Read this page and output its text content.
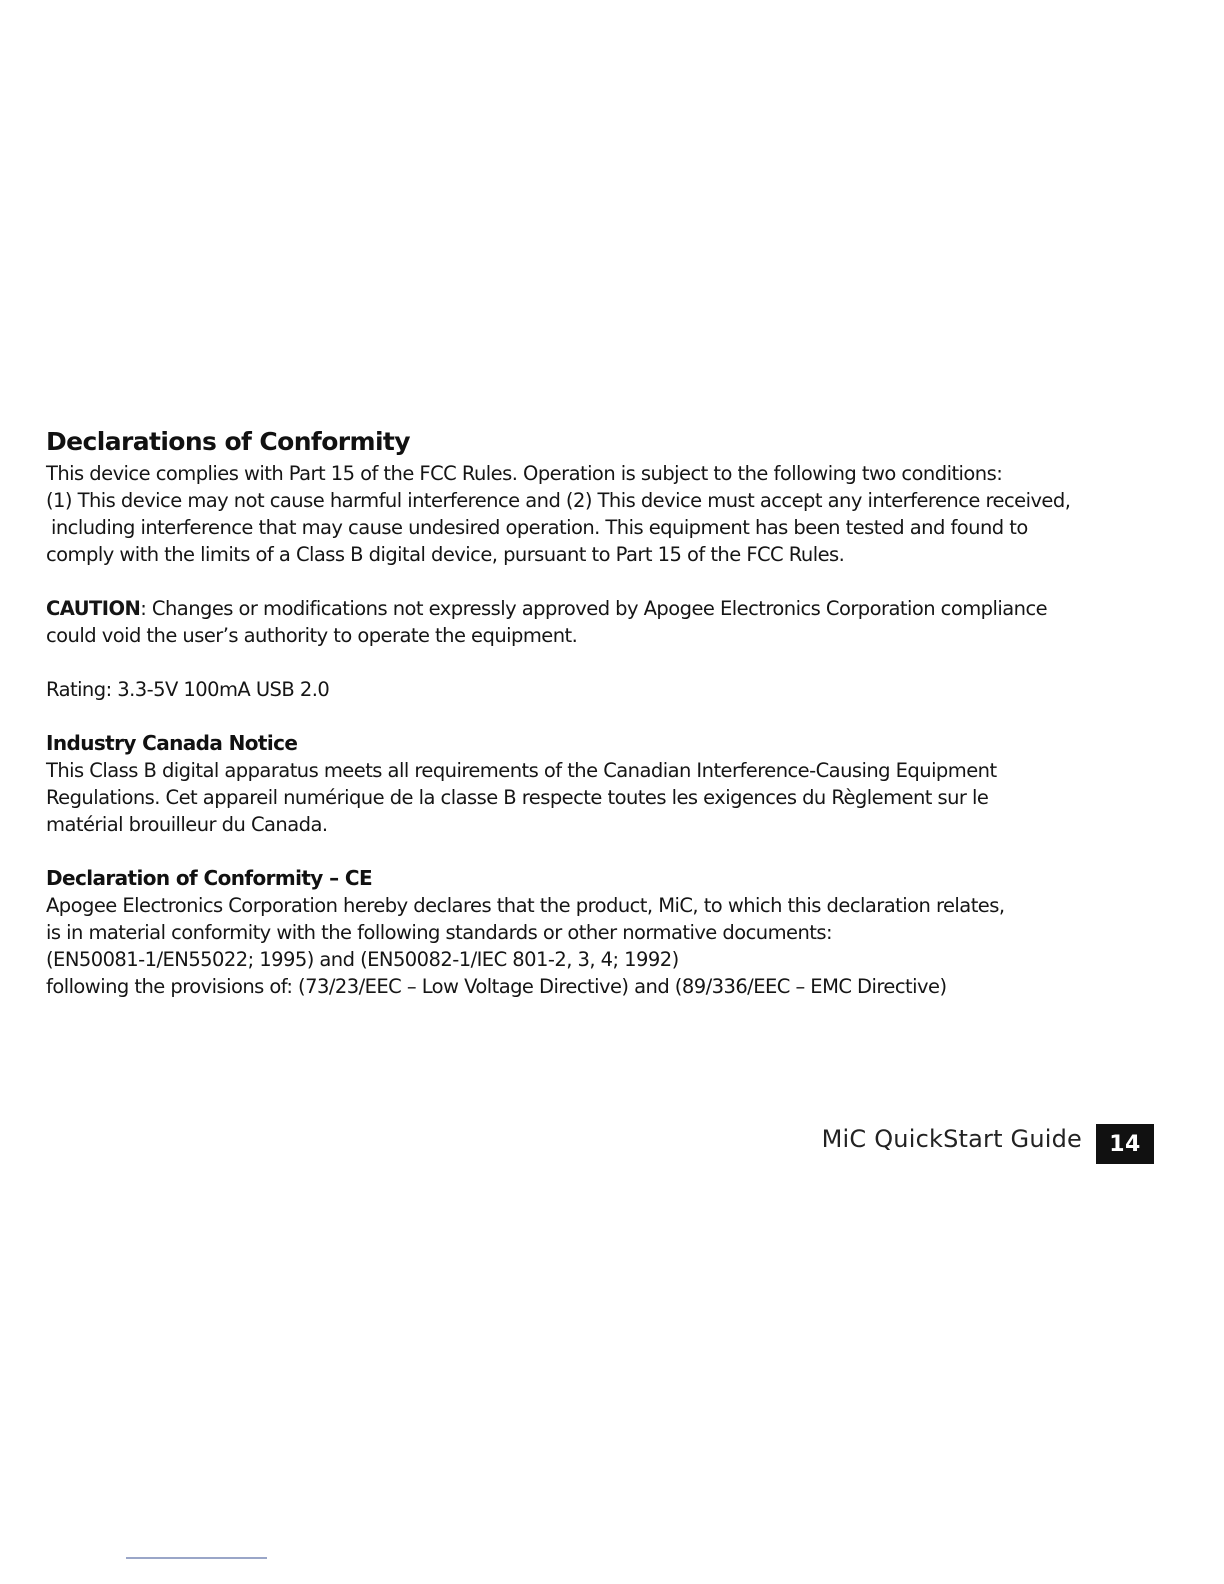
Declarations of Conformity

This device complies with Part 15 of the FCC Rules. Operation is subject to the following two conditions:
(1) This device may not cause harmful interference and (2) This device must accept any interference received,
including interference that may cause undesired operation. This equipment has been tested and found to
comply with the limits of a Class B digital device, pursuant to Part 15 of the FCC Rules.

CAUTION: Changes or modifications not expressly approved by Apogee Electronics Corporation compliance
could void the user’s authority to operate the equipment.

Rating: 3.3-5V 100mA USB 2.0

Industry Canada Notice

This Class B digital apparatus meets all requirements of the Canadian Interference-Causing Equipment
Regulations. Cet appareil numérique de la classe B respecte toutes les exigences du Règlement sur le
matérial brouilleur du Canada.

Declaration of Conformity – CE

Apogee Electronics Corporation hereby declares that the product, MiC, to which this declaration relates,
is in material conformity with the following standards or other normative documents:
(EN50081-1/EN55022; 1995) and (EN50082-1/IEC 801-2, 3, 4; 1992)
following the provisions of: (73/23/EEC – Low Voltage Directive) and (89/336/EEC – EMC Directive)

MiC QuickStart Guide 14
